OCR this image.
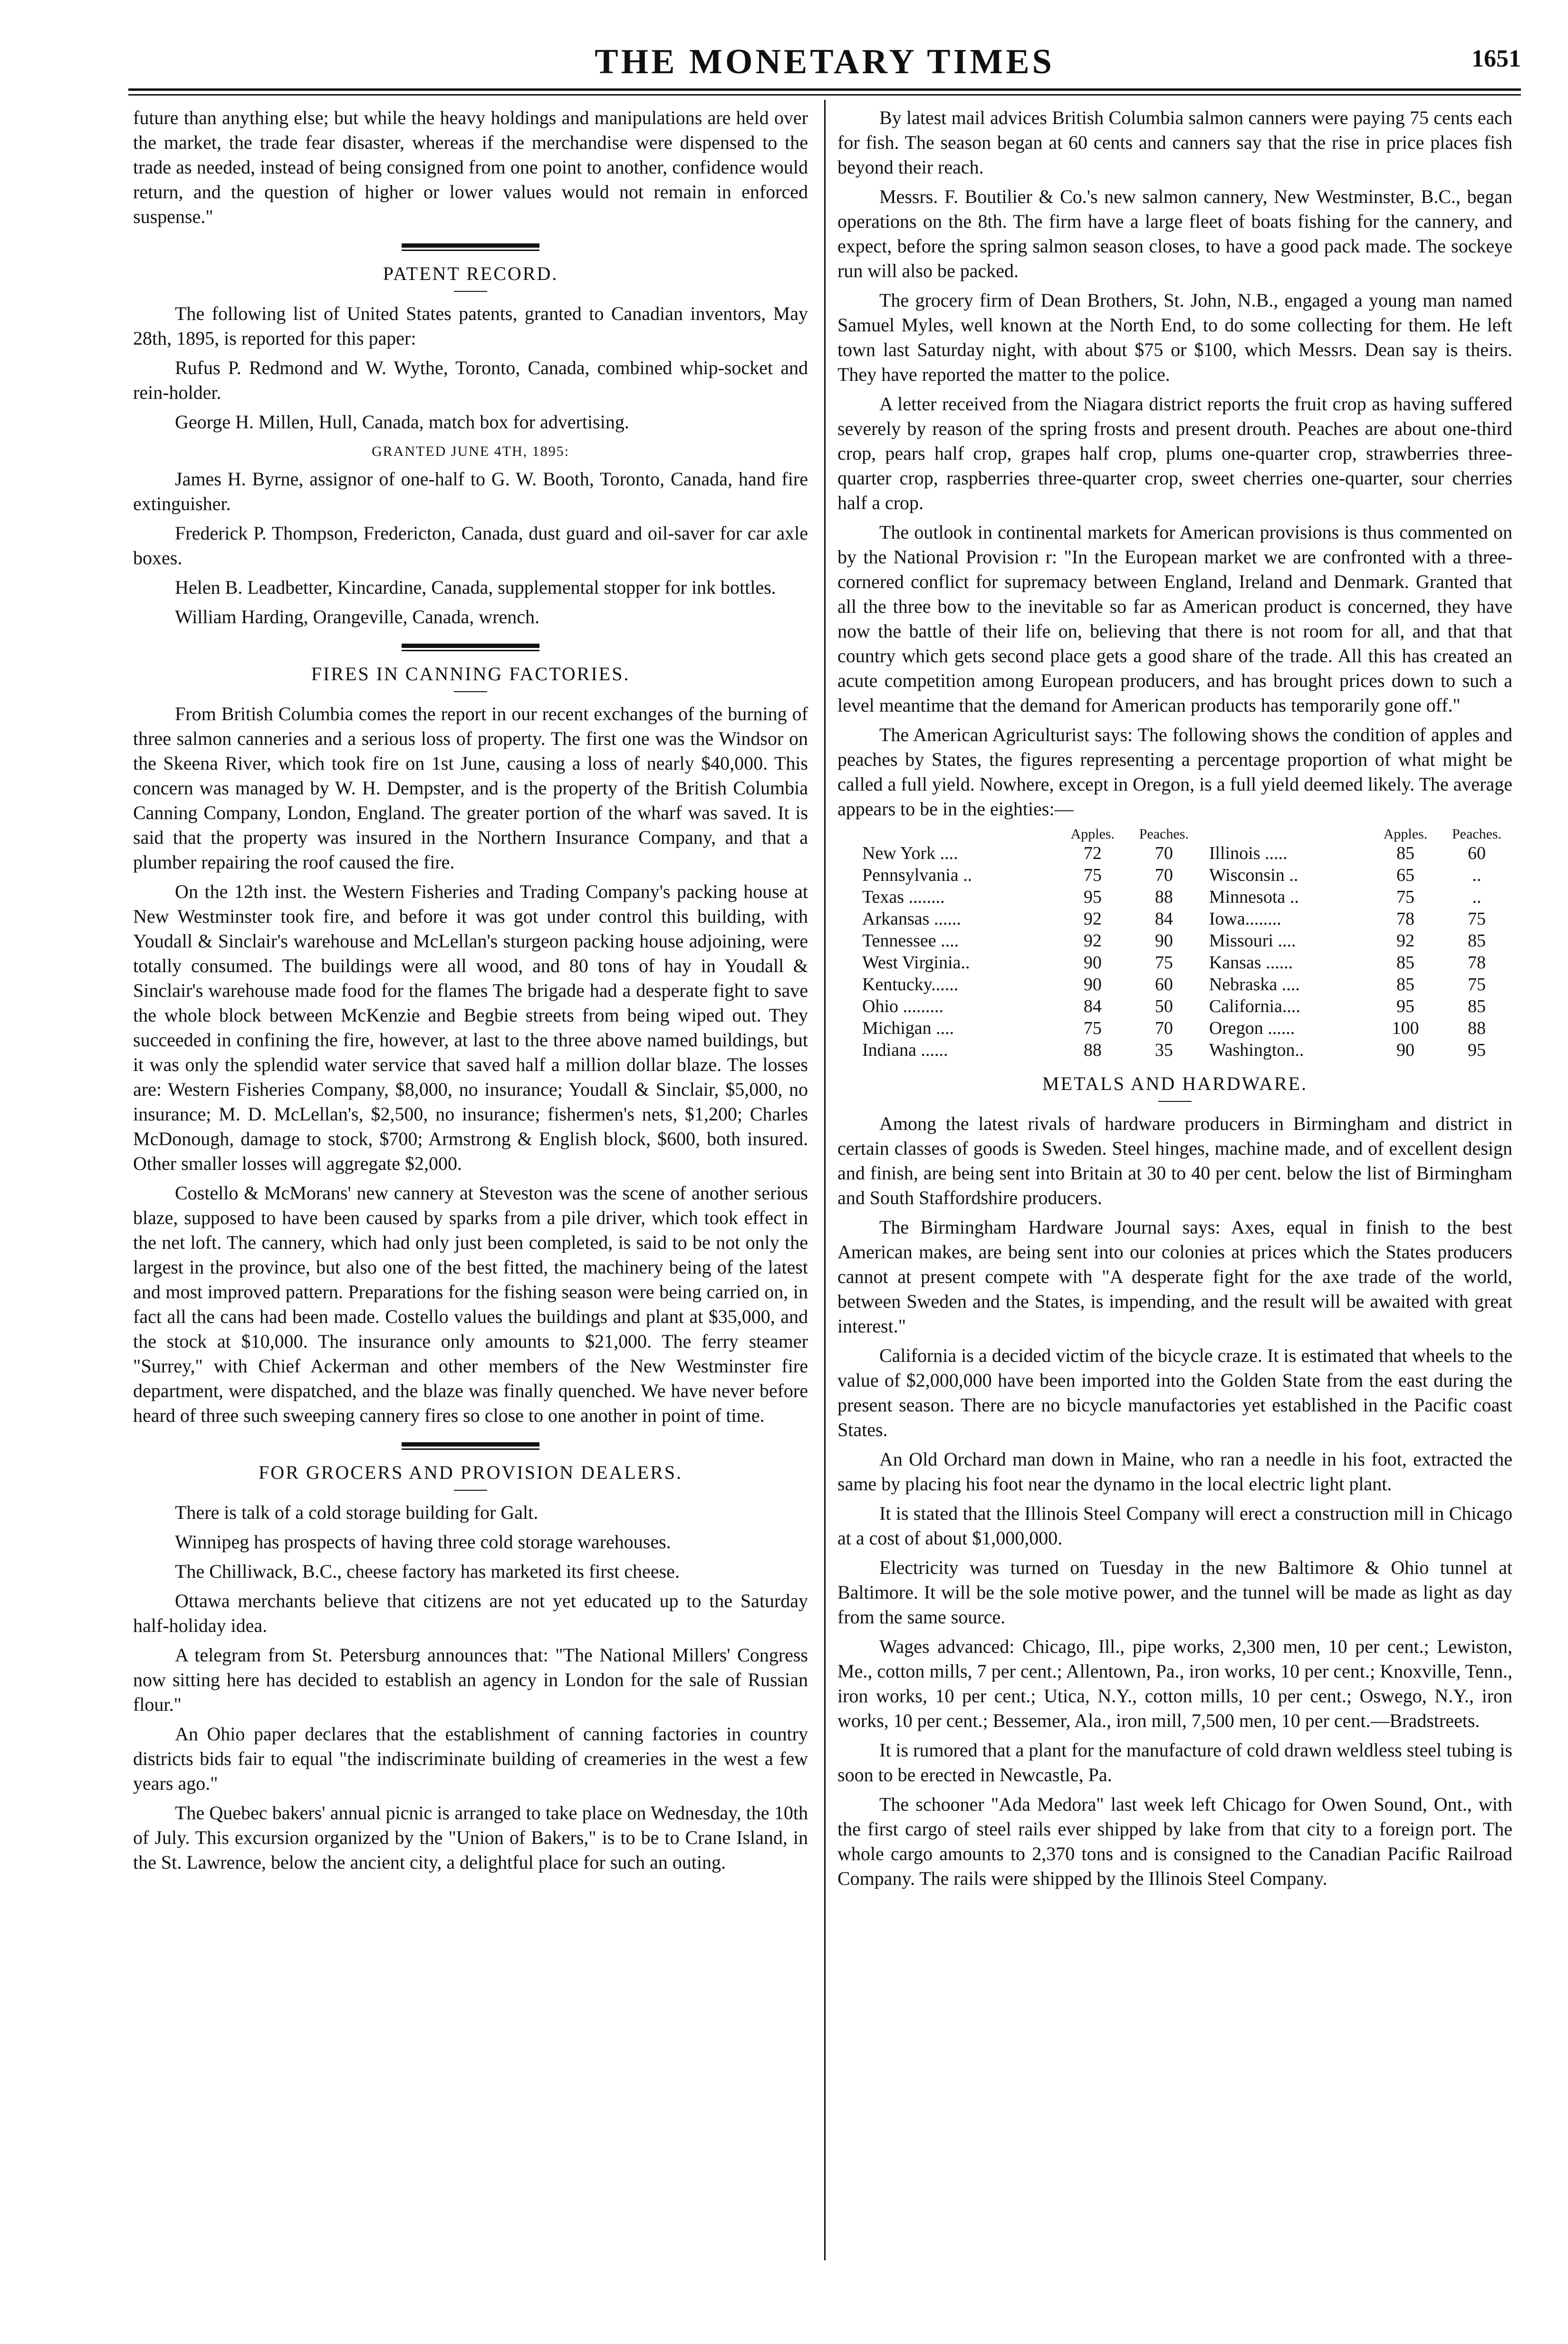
THE MONETARY TIMES	1651

future than anything else; but while the heavy holdings and manipulations are held over the market, the trade fear disaster, whereas if the merchandise were dispensed to the trade as needed, instead of being consigned from one point to another, confidence would return, and the question of higher or lower values would not remain in enforced suspense."

PATENT RECORD.

The following list of United States patents, granted to Canadian inventors, May 28th, 1895, is reported for this paper:

Rufus P. Redmond and W. Wythe, Toronto, Canada, combined whip-socket and rein-holder.

George H. Millen, Hull, Canada, match box for advertising.

GRANTED JUNE 4TH, 1895:

James H. Byrne, assignor of one-half to G. W. Booth, Toronto, Canada, hand fire extinguisher.

Frederick P. Thompson, Fredericton, Canada, dust guard and oil-saver for car axle boxes.

Helen B. Leadbetter, Kincardine, Canada, supplemental stopper for ink bottles.

William Harding, Orangeville, Canada, wrench.

FIRES IN CANNING FACTORIES.

From British Columbia comes the report in our recent exchanges of the burning of three salmon canneries and a serious loss of property. The first one was the Windsor on the Skeena River, which took fire on 1st June, causing a loss of nearly $40,000. This concern was managed by W. H. Dempster, and is the property of the British Columbia Canning Company, London, England. The greater portion of the wharf was saved. It is said that the property was insured in the Northern Insurance Company, and that a plumber repairing the roof caused the fire.

On the 12th inst. the Western Fisheries and Trading Company's packing house at New Westminster took fire, and before it was got under control this building, with Youdall & Sinclair's warehouse and McLellan's sturgeon packing house adjoining, were totally consumed. The buildings were all wood, and 80 tons of hay in Youdall & Sinclair's warehouse made food for the flames The brigade had a desperate fight to save the whole block between McKenzie and Begbie streets from being wiped out. They succeeded in confining the fire, however, at last to the three above named buildings, but it was only the splendid water service that saved half a million dollar blaze. The losses are: Western Fisheries Company, $8,000, no insurance; Youdall & Sinclair, $5,000, no insurance; M. D. McLellan's, $2,500, no insurance; fishermen's nets, $1,200; Charles McDonough, damage to stock, $700; Armstrong & English block, $600, both insured. Other smaller losses will aggregate $2,000.

Costello & McMorans' new cannery at Steveston was the scene of another serious blaze, supposed to have been caused by sparks from a pile driver, which took effect in the net loft. The cannery, which had only just been completed, is said to be not only the largest in the province, but also one of the best fitted, the machinery being of the latest and most improved pattern. Preparations for the fishing season were being carried on, in fact all the cans had been made. Costello values the buildings and plant at $35,000, and the stock at $10,000. The insurance only amounts to $21,000. The ferry steamer "Surrey," with Chief Ackerman and other members of the New Westminster fire department, were dispatched, and the blaze was finally quenched. We have never before heard of three such sweeping cannery fires so close to one another in point of time.

FOR GROCERS AND PROVISION DEALERS.

There is talk of a cold storage building for Galt.

Winnipeg has prospects of having three cold storage warehouses.

The Chilliwack, B.C., cheese factory has marketed its first cheese.

Ottawa merchants believe that citizens are not yet educated up to the Saturday half-holiday idea.

A telegram from St. Petersburg announces that: "The National Millers' Congress now sitting here has decided to establish an agency in London for the sale of Russian flour."

An Ohio paper declares that the establishment of canning factories in country districts bids fair to equal "the indiscriminate building of creameries in the west a few years ago."

The Quebec bakers' annual picnic is arranged to take place on Wednesday, the 10th of July. This excursion organized by the "Union of Bakers," is to be to Crane Island, in the St. Lawrence, below the ancient city, a delightful place for such an outing.

By latest mail advices British Columbia salmon canners were paying 75 cents each for fish. The season began at 60 cents and canners say that the rise in price places fish beyond their reach.

Messrs. F. Boutilier & Co.'s new salmon cannery, New Westminster, B.C., began operations on the 8th. The firm have a large fleet of boats fishing for the cannery, and expect, before the spring salmon season closes, to have a good pack made. The sockeye run will also be packed.

The grocery firm of Dean Brothers, St. John, N.B., engaged a young man named Samuel Myles, well known at the North End, to do some collecting for them. He left town last Saturday night, with about $75 or $100, which Messrs. Dean say is theirs. They have reported the matter to the police.

A letter received from the Niagara district reports the fruit crop as having suffered severely by reason of the spring frosts and present drouth. Peaches are about one-third crop, pears half crop, grapes half crop, plums one-quarter crop, strawberries three-quarter crop, raspberries three-quarter crop, sweet cherries one-quarter, sour cherries half a crop.

The outlook in continental markets for American provisions is thus commented on by the National Provision r: "In the European market we are confronted with a three-cornered conflict for supremacy between England, Ireland and Denmark. Granted that all the three bow to the inevitable so far as American product is concerned, they have now the battle of their life on, believing that there is not room for all, and that that country which gets second place gets a good share of the trade. All this has created an acute competition among European producers, and has brought prices down to such a level meantime that the demand for American products has temporarily gone off."

The American Agriculturist says: The following shows the condition of apples and peaches by States, the figures representing a percentage proportion of what might be called a full yield. Nowhere, except in Oregon, is a full yield deemed likely. The average appears to be in the eighties:—

	Apples.	Peaches.		Apples.	Peaches.
New York ....	72	70	Illinois .....	85	60
Pennsylvania ..	75	70	Wisconsin ..	65	..
Texas ........	95	88	Minnesota ..	75	..
Arkansas ......	92	84	Iowa........	78	75
Tennessee ....	92	90	Missouri ....	92	85
West Virginia..	90	75	Kansas ......	85	78
Kentucky......	90	60	Nebraska ....	85	75
Ohio .........	84	50	California....	95	85
Michigan ....	75	70	Oregon ......	100	88
Indiana ......	88	35	Washington..	90	95
METALS AND HARDWARE.

Among the latest rivals of hardware producers in Birmingham and district in certain classes of goods is Sweden. Steel hinges, machine made, and of excellent design and finish, are being sent into Britain at 30 to 40 per cent. below the list of Birmingham and South Staffordshire producers.

The Birmingham Hardware Journal says: Axes, equal in finish to the best American makes, are being sent into our colonies at prices which the States producers cannot at present compete with "A desperate fight for the axe trade of the world, between Sweden and the States, is impending, and the result will be awaited with great interest."

California is a decided victim of the bicycle craze. It is estimated that wheels to the value of $2,000,000 have been imported into the Golden State from the east during the present season. There are no bicycle manufactories yet established in the Pacific coast States.

An Old Orchard man down in Maine, who ran a needle in his foot, extracted the same by placing his foot near the dynamo in the local electric light plant.

It is stated that the Illinois Steel Company will erect a construction mill in Chicago at a cost of about $1,000,000.

Electricity was turned on Tuesday in the new Baltimore & Ohio tunnel at Baltimore. It will be the sole motive power, and the tunnel will be made as light as day from the same source.

Wages advanced: Chicago, Ill., pipe works, 2,300 men, 10 per cent.; Lewiston, Me., cotton mills, 7 per cent.; Allentown, Pa., iron works, 10 per cent.; Knoxville, Tenn., iron works, 10 per cent.; Utica, N.Y., cotton mills, 10 per cent.; Oswego, N.Y., iron works, 10 per cent.; Bessemer, Ala., iron mill, 7,500 men, 10 per cent.—Bradstreets.

It is rumored that a plant for the manufacture of cold drawn weldless steel tubing is soon to be erected in Newcastle, Pa.

The schooner "Ada Medora" last week left Chicago for Owen Sound, Ont., with the first cargo of steel rails ever shipped by lake from that city to a foreign port. The whole cargo amounts to 2,370 tons and is consigned to the Canadian Pacific Railroad Company. The rails were shipped by the Illinois Steel Company.
